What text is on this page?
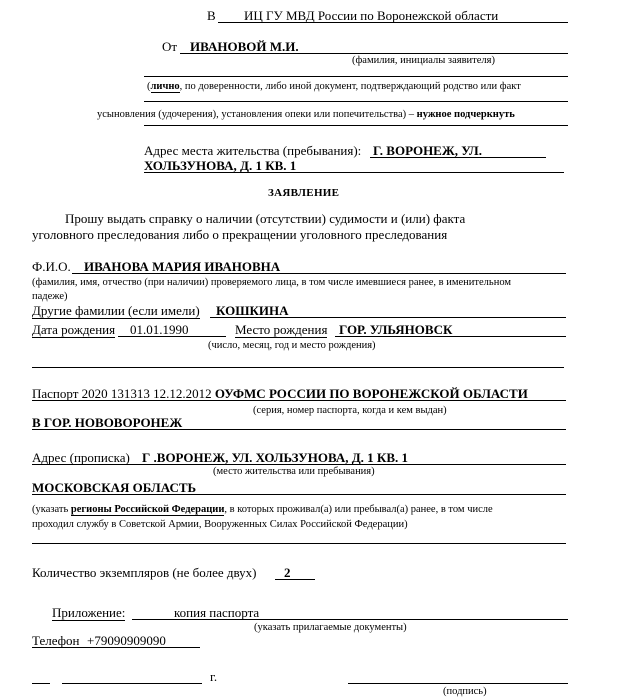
В ИЦ ГУ МВД России по Воронежской области
От ИВАНОВОЙ М.И.
(фамилия, инициалы заявителя)
(лично, по доверенности, либо иной документ, подтверждающий родство или факт
усыновления (удочерения), установления опеки или попечительства) – нужное подчеркнуть
Адрес места жительства (пребывания): Г. ВОРОНЕЖ, УЛ.
ХОЛЬЗУНОВА, Д. 1 КВ. 1
ЗАЯВЛЕНИЕ
Прошу выдать справку о наличии (отсутствии) судимости и (или) факта
уголовного преследования либо о прекращении уголовного преследования
Ф.И.О. ИВАНОВА МАРИЯ ИВАНОВНА
(фамилия, имя, отчество (при наличии) проверяемого лица, в том числе имевшиеся ранее, в именительном
падеже)
Другие фамилии (если имели) КОШКИНА
Дата рождения 01.01.1990	Место рождения ГОР. УЛЬЯНОВСК
(число, месяц, год и место рождения)
Паспорт 2020 131313 12.12.2012 ОУФМС РОССИИ ПО ВОРОНЕЖСКОЙ ОБЛАСТИ
(серия, номер паспорта, когда и кем выдан)
В ГОР. НОВОВОРОНЕЖ
Адрес (прописка) Г .ВОРОНЕЖ, УЛ. ХОЛЬЗУНОВА, Д. 1 КВ. 1
(место жительства или пребывания)
МОСКОВСКАЯ ОБЛАСТЬ
(указать регионы Российской Федерации, в которых проживал(а) или пребывал(а) ранее, в том числе
проходил службу в Советской Армии, Вооруженных Силах Российской Федерации)
Количество экземпляров (не более двух) 2
Приложение:	копия паспорта
(указать прилагаемые документы)
Телефон +79090909090
г.
(подпись)
